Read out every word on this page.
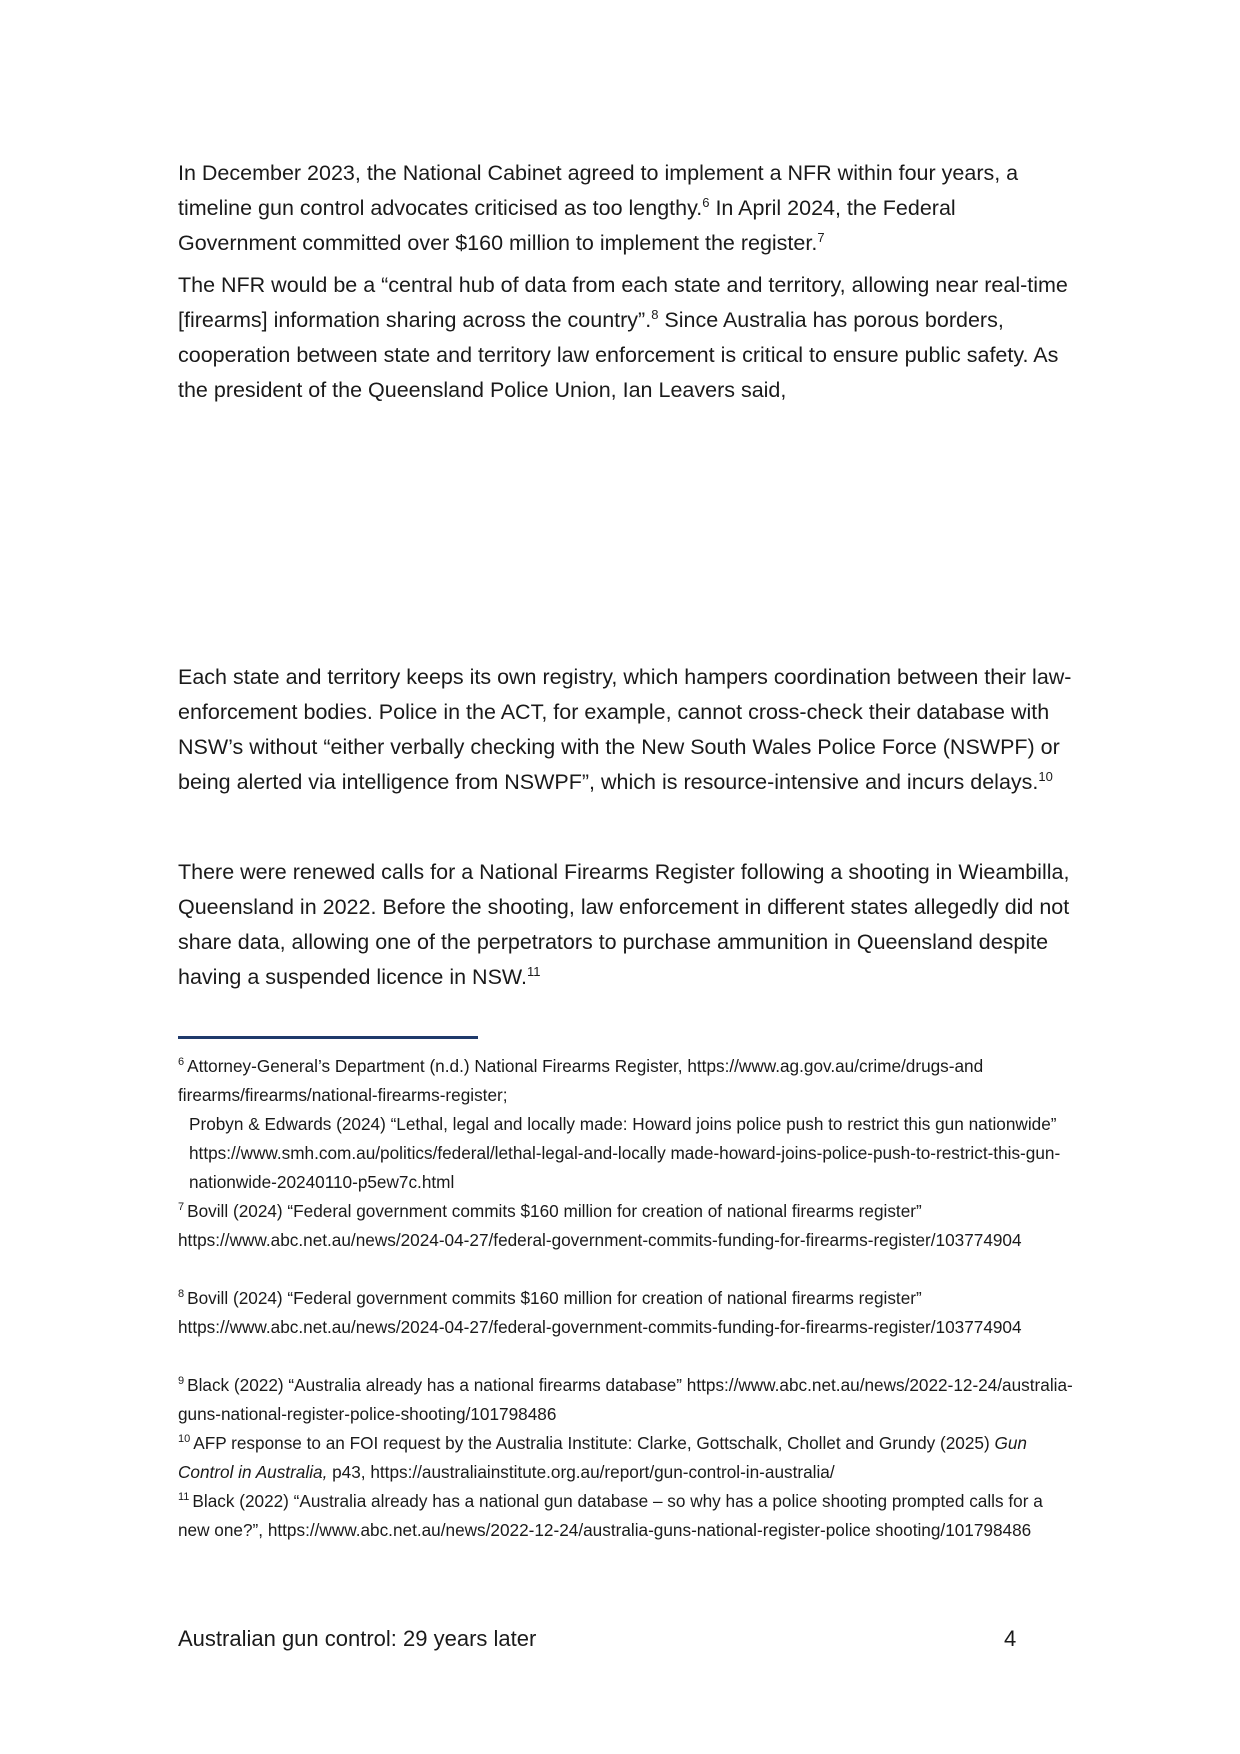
In December 2023, the National Cabinet agreed to implement a NFR within four years, a timeline gun control advocates criticised as too lengthy.$^6$ In April 2024, the Federal Government committed over $160 million to implement the register.$^7$

The NFR would be a “central hub of data from each state and territory, allowing near real-time [firearms] information sharing across the country”.$^8$ Since Australia has porous borders, cooperation between state and territory law enforcement is critical to ensure public safety. As the president of the Queensland Police Union, Ian Leavers said,

Each state and territory keeps its own registry, which hampers coordination between their law-enforcement bodies. Police in the ACT, for example, cannot cross-check their database with NSW’s without “either verbally checking with the New South Wales Police Force (NSWPF) or being alerted via intelligence from NSWPF”, which is resource-intensive and incurs delays.$^{10}$

There were renewed calls for a National Firearms Register following a shooting in Wieambilla, Queensland in 2022. Before the shooting, law enforcement in different states allegedly did not share data, allowing one of the perpetrators to purchase ammunition in Queensland despite having a suspended licence in NSW.$^{11}$

$^6$ Attorney-General’s Department (n.d.) National Firearms Register, https://www.ag.gov.au/crime/drugs-and firearms/firearms/national-firearms-register;
Probyn & Edwards (2024) “Lethal, legal and locally made: Howard joins police push to restrict this gun nationwide” https://www.smh.com.au/politics/federal/lethal-legal-and-locally made-howard-joins-police-push-to-restrict-this-gun-nationwide-20240110-p5ew7c.html

$^7$ Bovill (2024) “Federal government commits $160 million for creation of national firearms register” https://www.abc.net.au/news/2024-04-27/federal-government-commits-funding-for-firearms-register/103774904

$^8$ Bovill (2024) “Federal government commits $160 million for creation of national firearms register” https://www.abc.net.au/news/2024-04-27/federal-government-commits-funding-for-firearms-register/103774904

$^9$ Black (2022) “Australia already has a national firearms database” https://www.abc.net.au/news/2022-12-24/australia-guns-national-register-police-shooting/101798486

$^{10}$ AFP response to an FOI request by the Australia Institute: Clarke, Gottschalk, Chollet and Grundy (2025) Gun Control in Australia, p43, https://australiainstitute.org.au/report/gun-control-in-australia/

$^{11}$ Black (2022) “Australia already has a national gun database – so why has a police shooting prompted calls for a new one?”, https://www.abc.net.au/news/2022-12-24/australia-guns-national-register-police shooting/101798486

Australian gun control: 29 years later	4
